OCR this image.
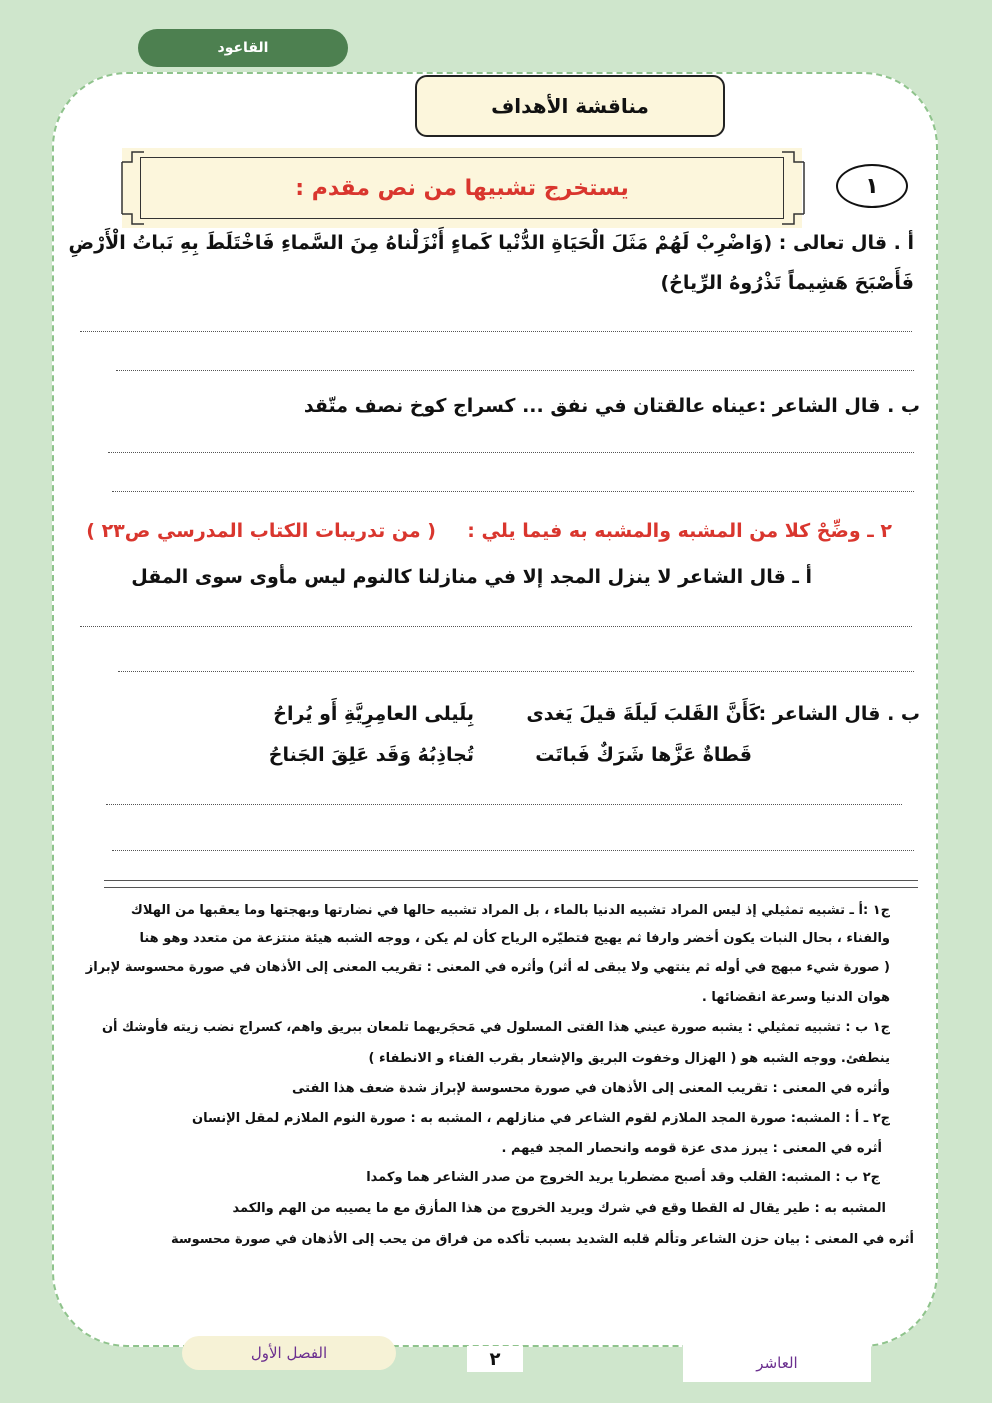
القاعود
مناقشة الأهداف
يستخرج تشبيها من نص مقدم :	١
أ . قال تعالى : (وَاضْرِبْ لَهُمْ مَثَلَ الْحَيَاةِ الدُّنْيا كَماءٍ أَنْزَلْناهُ مِنَ السَّماءِ فَاخْتَلَطَ بِهِ نَباتُ الْأَرْضِ
فَأَصْبَحَ هَشِيماً تَذْرُوهُ الرِّياحُ)
ب . قال الشاعر :عيناه عالقتان في نفق ... كسراج كوخ نصف متّقد
٢ ـ وضِّحْ كلا من المشبه والمشبه به فيما يلي :
( من تدريبات الكتاب المدرسي ص٢٣ )
أ ـ قال الشاعر لا ينزل المجد إلا في منازلنا كالنوم ليس مأوى سوى المقل
ب . قال الشاعر :
كَأَنَّ القَلبَ لَيلَةَ قيلَ يَغدى
بِلَيلى العامِرِيَّةِ أَو يُراحُ
قَطاةٌ عَزَّها شَرَكٌ فَباتَت
تُجاذِبُهُ وَقَد عَلِقَ الجَناحُ
ج١ :أ ـ تشبيه تمثيلي إذ ليس المراد تشبيه الدنيا بالماء ، بل المراد تشبيه حالها في نضارتها وبهجتها وما يعقبها من الهلاك
والفناء ، بحال النبات يكون أخضر وارفا ثم يهيج فتطيّره الرياح كأن لم يكن ، ووجه الشبه هيئة منتزعة من متعدد وهو هنا
( صورة شيء مبهج في أوله ثم ينتهي ولا يبقى له أثر) وأثره في المعنى : تقريب المعنى إلى الأذهان في صورة محسوسة لإبراز
هوان الدنيا وسرعة انقضائها .
ج١ ب : تشبيه تمثيلي : يشبه صورة عيني هذا الفتى المسلول في مَحجَريهما تلمعان ببريق واهم، كسراج نضب زيته فأوشك أن
ينطفئ. ووجه الشبه هو ( الهزال وخفوت البريق والإشعار بقرب الفناء و الانطفاء )
وأثره في المعنى : تقريب المعنى إلى الأذهان في صورة محسوسة لإبراز شدة ضعف هذا الفتى
ج٢ ـ أ : المشبه: صورة المجد الملازم لقوم الشاعر في منازلهم ، المشبه به : صورة النوم الملازم لمقل الإنسان
أثره في المعنى : يبرز مدى عزة قومه وانحصار المجد فيهم .
ج٢ ب : المشبه: القلب وقد أصبح مضطربا يريد الخروج من صدر الشاعر هما وكمدا
المشبه به : طير يقال له القطا وقع في شرك ويريد الخروج من هذا المأزق مع ما يصيبه من الهم والكمد
أثره في المعنى : بيان حزن الشاعر وتألم قلبه الشديد بسبب تأكده من فراق من يحب إلى الأذهان في صورة محسوسة
الفصل الأول	٢	العاشر
